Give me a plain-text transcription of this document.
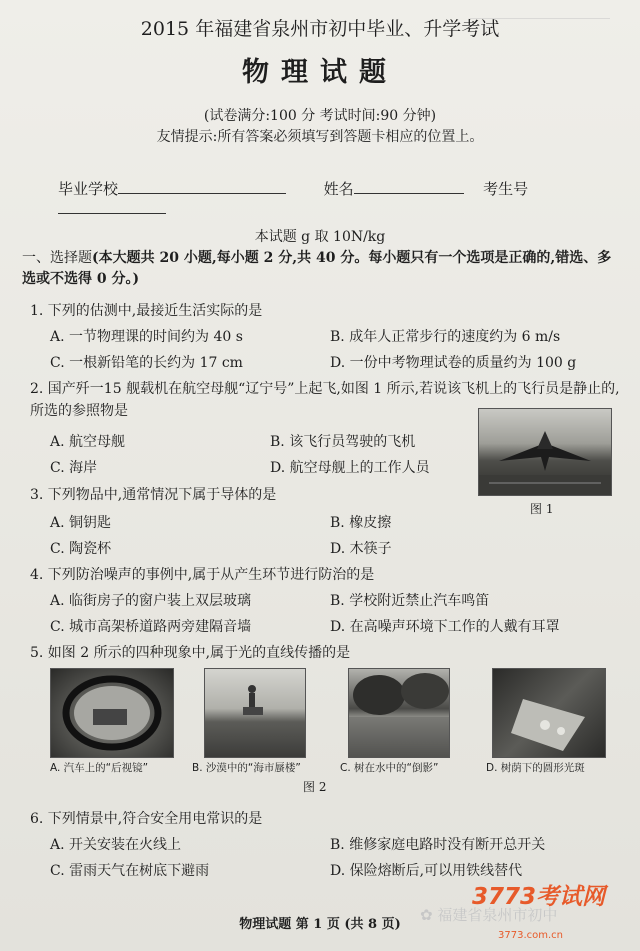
2015 年福建省泉州市初中毕业、升学考试
物理试题
(试卷满分:100 分 考试时间:90 分钟)
友情提示:所有答案必须填写到答题卡相应的位置上。
毕业学校	姓名	考生号
本试题 g 取 10N/kg
一、选择题(本大题共 20 小题,每小题 2 分,共 40 分。每小题只有一个选项是正确的,错选、多选或不选得 0 分。)
1. 下列的估测中,最接近生活实际的是
A. 一节物理课的时间约为 40 s	B. 成年人正常步行的速度约为 6 m/s
C. 一根新铅笔的长约为 17 cm	D. 一份中考物理试卷的质量约为 100 g
2. 国产歼一15 舰载机在航空母舰“辽宁号”上起飞,如图 1 所示,若说该飞机上的飞行员是静止的,所选的参照物是
A. 航空母舰	B. 该飞行员驾驶的飞机
C. 海岸	D. 航空母舰上的工作人员
图 1
3. 下列物品中,通常情况下属于导体的是
A. 铜钥匙	B. 橡皮擦
C. 陶瓷杯	D. 木筷子
4. 下列防治噪声的事例中,属于从产生环节进行防治的是
A. 临街房子的窗户装上双层玻璃	B. 学校附近禁止汽车鸣笛
C. 城市高架桥道路两旁建隔音墙	D. 在高噪声环境下工作的人戴有耳罩
5. 如图 2 所示的四种现象中,属于光的直线传播的是
A. 汽车上的“后视镜”	B. 沙漠中的“海市蜃楼”	C. 树在水中的“倒影”	D. 树荫下的圆形光斑
图 2
6. 下列情景中,符合安全用电常识的是
A. 开关安装在火线上	B. 维修家庭电路时没有断开总开关
C. 雷雨天气在树底下避雨	D. 保险熔断后,可以用铁线替代
物理试题 第 1 页 (共 8 页)
3773考试网
✿ 福建省泉州市初中
3773.com.cn
